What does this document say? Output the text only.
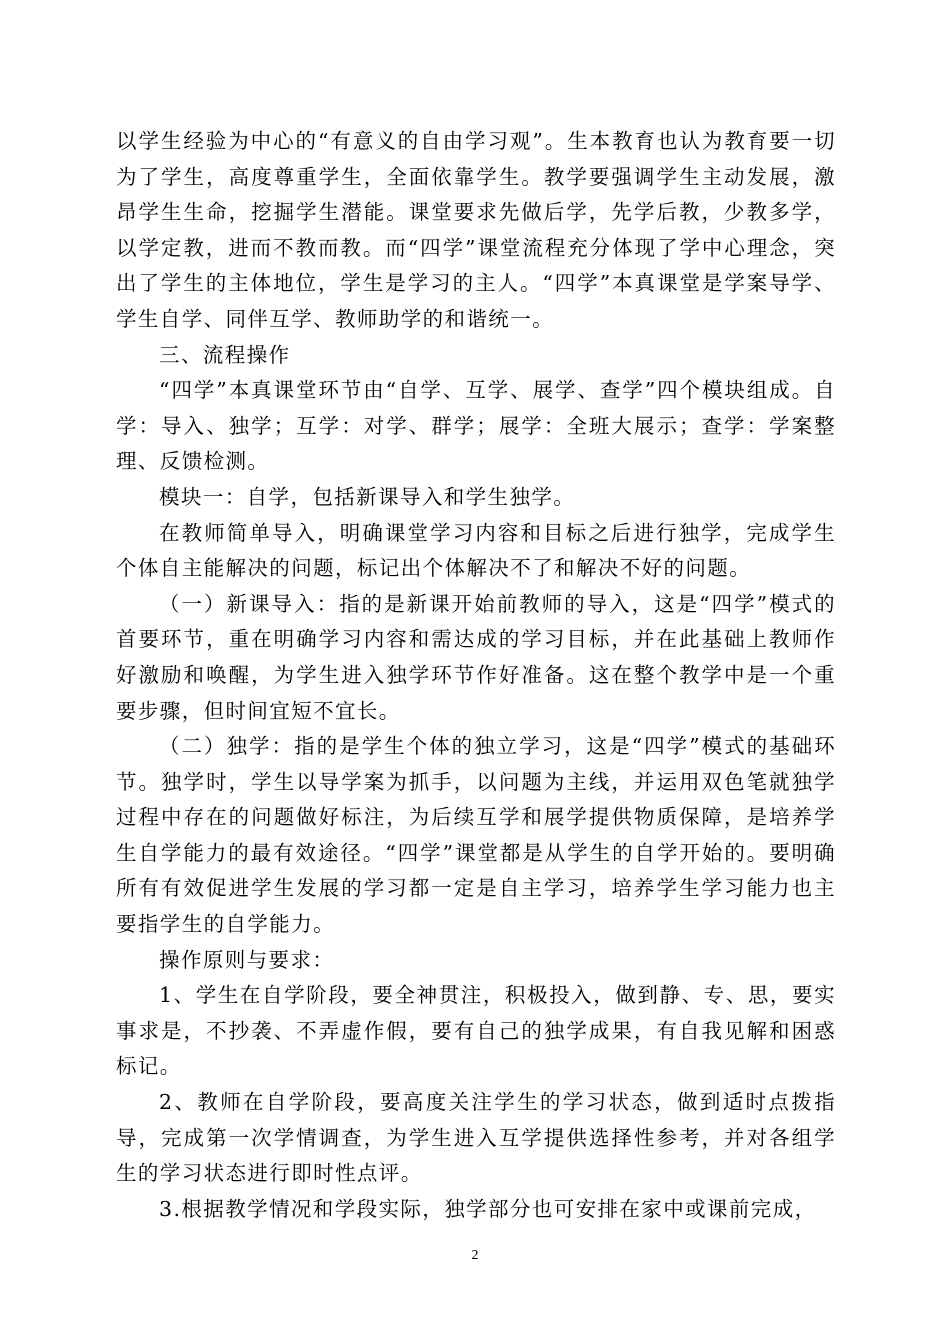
以学生经验为中心的“有意义的自由学习观”。生本教育也认为教育要一切为了学生，高度尊重学生，全面依靠学生。教学要强调学生主动发展，激昂学生生命，挖掘学生潜能。课堂要求先做后学，先学后教，少教多学，以学定教，进而不教而教。而“四学”课堂流程充分体现了学中心理念，突出了学生的主体地位，学生是学习的主人。“四学”本真课堂是学案导学、学生自学、同伴互学、教师助学的和谐统一。

三、流程操作

“四学”本真课堂环节由“自学、互学、展学、查学”四个模块组成。自学：导入、独学；互学：对学、群学；展学：全班大展示；查学：学案整理、反馈检测。

模块一：自学，包括新课导入和学生独学。

在教师简单导入，明确课堂学习内容和目标之后进行独学，完成学生个体自主能解决的问题，标记出个体解决不了和解决不好的问题。

（一）新课导入：指的是新课开始前教师的导入，这是“四学”模式的首要环节，重在明确学习内容和需达成的学习目标，并在此基础上教师作好激励和唤醒，为学生进入独学环节作好准备。这在整个教学中是一个重要步骤，但时间宜短不宜长。

（二）独学：指的是学生个体的独立学习，这是“四学”模式的基础环节。独学时，学生以导学案为抓手，以问题为主线，并运用双色笔就独学过程中存在的问题做好标注，为后续互学和展学提供物质保障，是培养学生自学能力的最有效途径。“四学”课堂都是从学生的自学开始的。要明确所有有效促进学生发展的学习都一定是自主学习，培养学生学习能力也主要指学生的自学能力。

操作原则与要求：

1、学生在自学阶段，要全神贯注，积极投入，做到静、专、思，要实事求是，不抄袭、不弄虚作假，要有自己的独学成果，有自我见解和困惑标记。

2、教师在自学阶段，要高度关注学生的学习状态，做到适时点拨指导，完成第一次学情调查，为学生进入互学提供选择性参考，并对各组学生的学习状态进行即时性点评。

3.根据教学情况和学段实际，独学部分也可安排在家中或课前完成，

2
